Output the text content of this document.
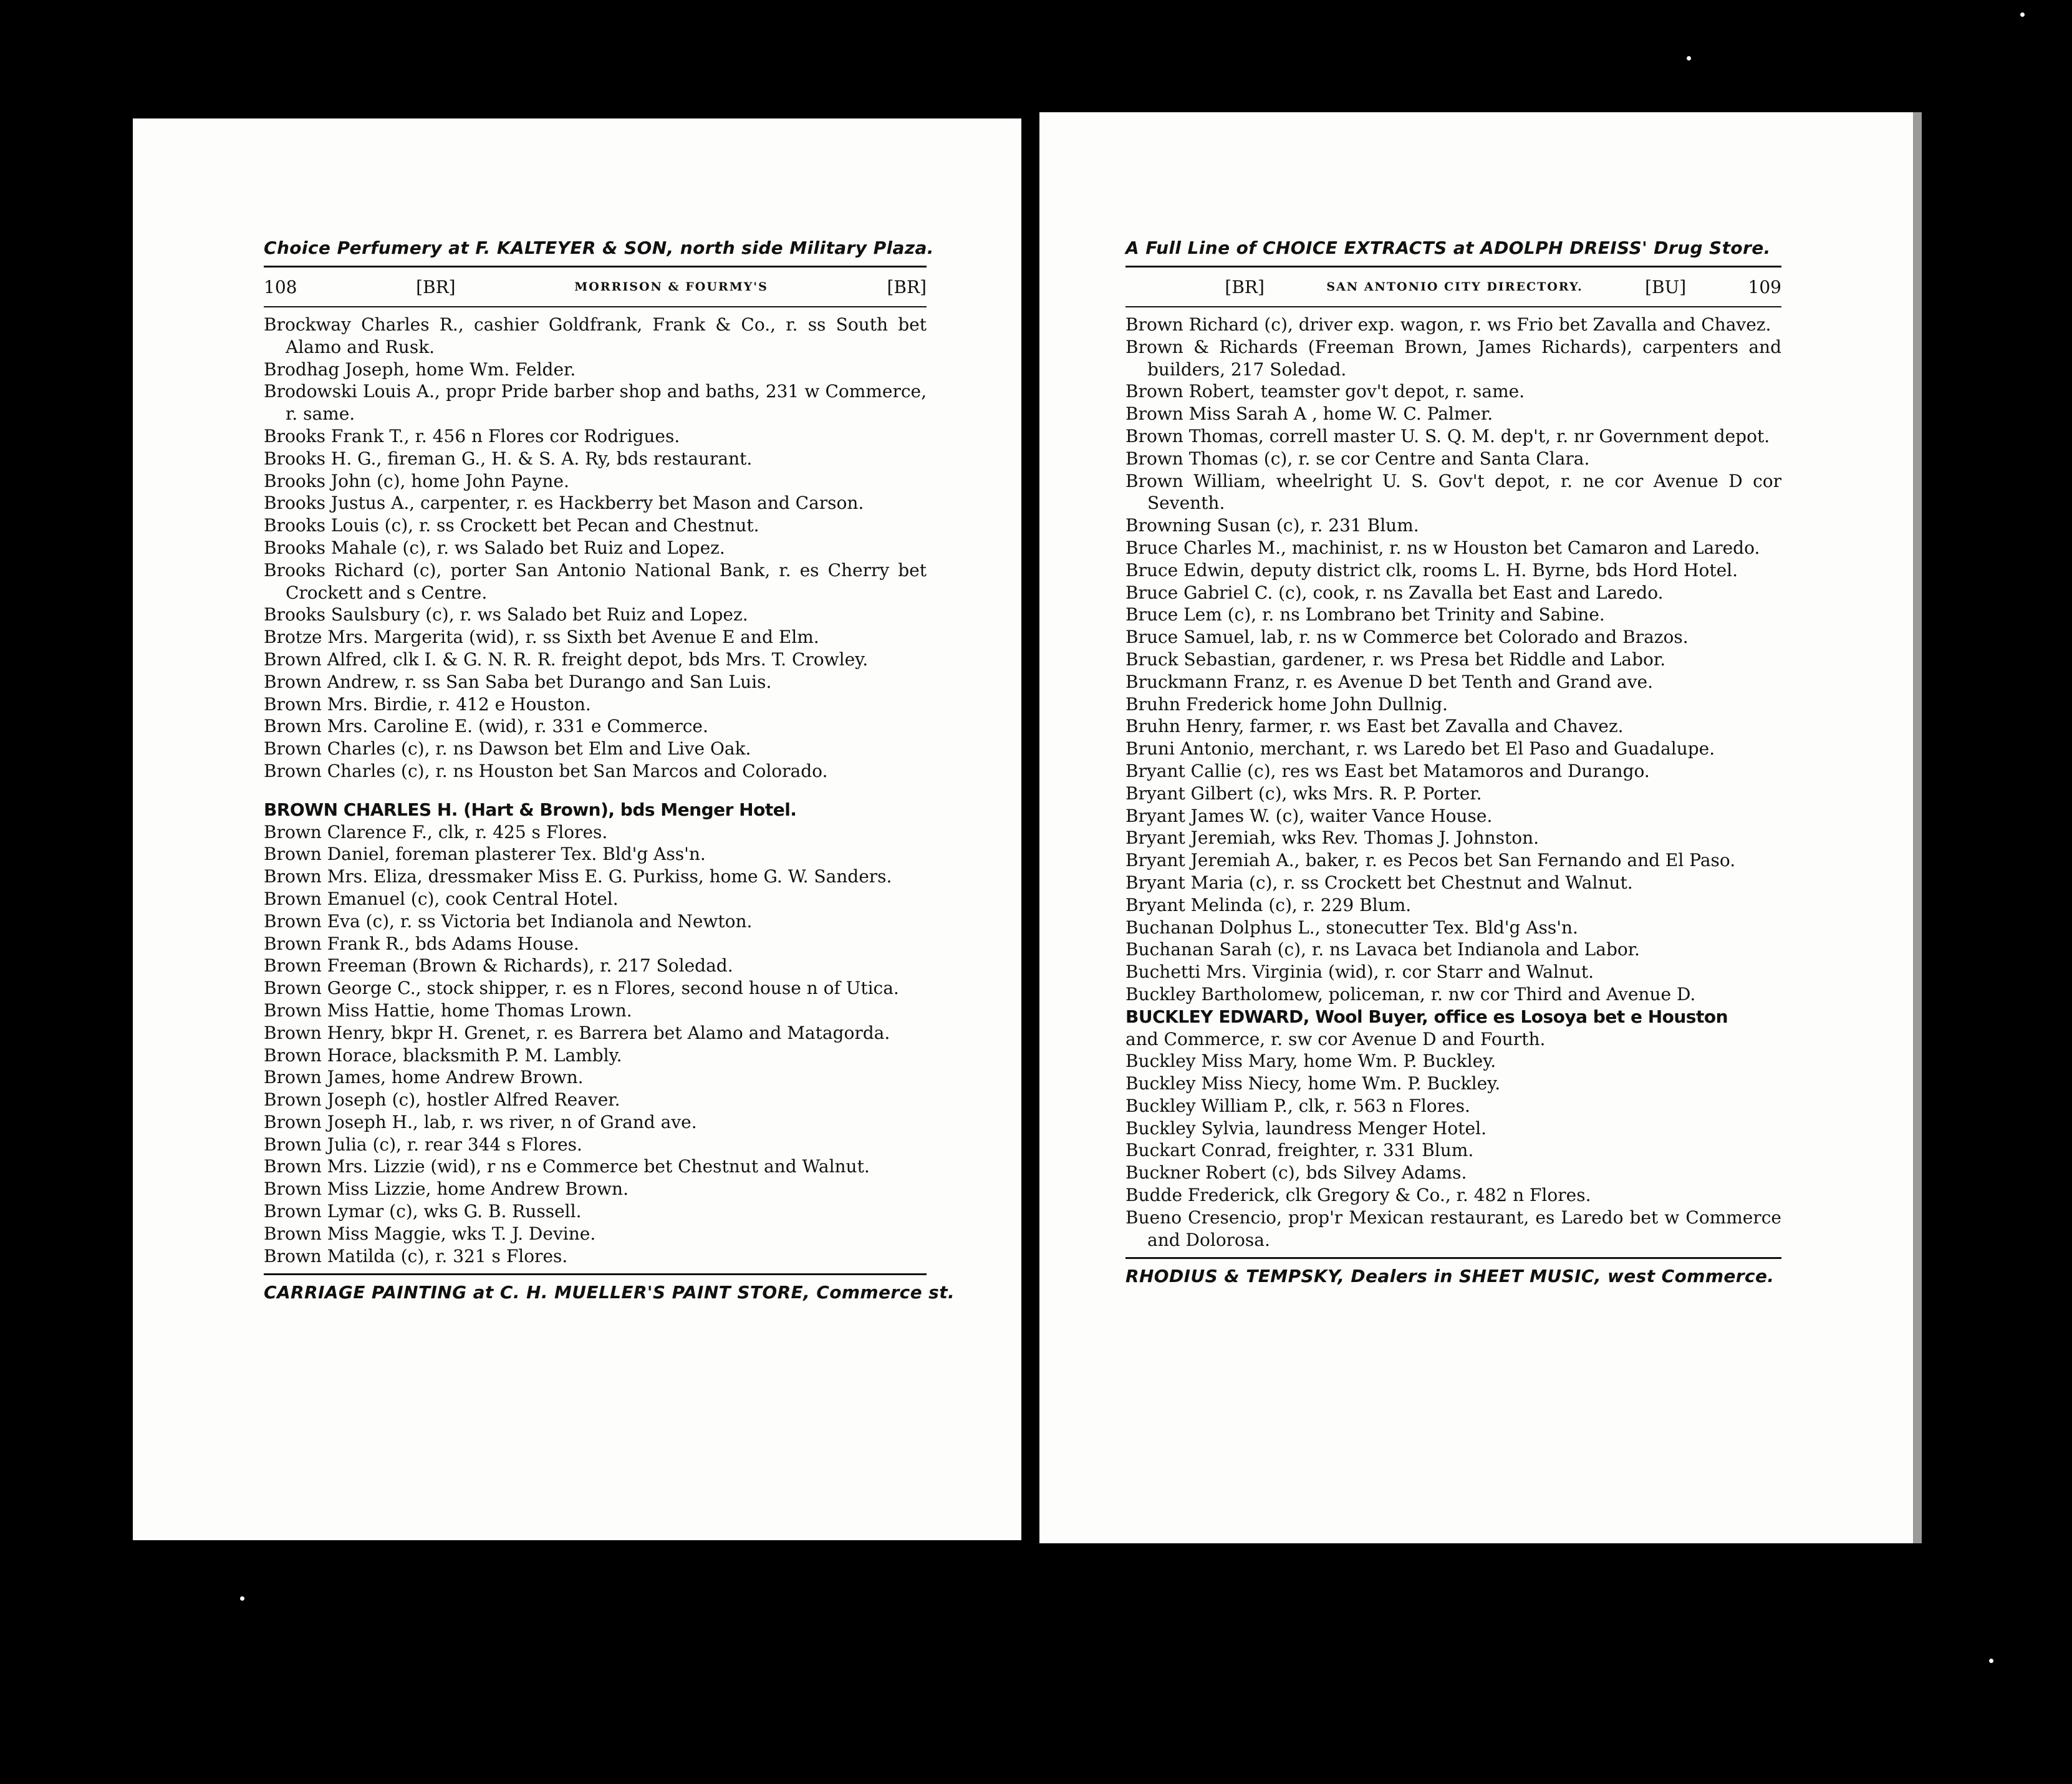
Choice Perfumery at F. KALTEYER & SON, north side Military Plaza.
108	[BR]	MORRISON & FOURMY'S	[BR]
Brockway Charles R., cashier Goldfrank, Frank & Co., r. ss South bet Alamo and Rusk.
Brodhag Joseph, home Wm. Felder.
Brodowski Louis A., propr Pride barber shop and baths, 231 w Commerce, r. same.
Brooks Frank T., r. 456 n Flores cor Rodrigues.
Brooks H. G., fireman G., H. & S. A. Ry, bds restaurant.
Brooks John (c), home John Payne.
Brooks Justus A., carpenter, r. es Hackberry bet Mason and Carson.
Brooks Louis (c), r. ss Crockett bet Pecan and Chestnut.
Brooks Mahale (c), r. ws Salado bet Ruiz and Lopez.
Brooks Richard (c), porter San Antonio National Bank, r. es Cherry bet Crockett and s Centre.
Brooks Saulsbury (c), r. ws Salado bet Ruiz and Lopez.
Brotze Mrs. Margerita (wid), r. ss Sixth bet Avenue E and Elm.
Brown Alfred, clk I. & G. N. R. R. freight depot, bds Mrs. T. Crowley.
Brown Andrew, r. ss San Saba bet Durango and San Luis.
Brown Mrs. Birdie, r. 412 e Houston.
Brown Mrs. Caroline E. (wid), r. 331 e Commerce.
Brown Charles (c), r. ns Dawson bet Elm and Live Oak.
Brown Charles (c), r. ns Houston bet San Marcos and Colorado.
BROWN CHARLES H. (Hart & Brown), bds Menger Hotel.
Brown Clarence F., clk, r. 425 s Flores.
Brown Daniel, foreman plasterer Tex. Bld'g Ass'n.
Brown Mrs. Eliza, dressmaker Miss E. G. Purkiss, home G. W. Sanders.
Brown Emanuel (c), cook Central Hotel.
Brown Eva (c), r. ss Victoria bet Indianola and Newton.
Brown Frank R., bds Adams House.
Brown Freeman (Brown & Richards), r. 217 Soledad.
Brown George C., stock shipper, r. es n Flores, second house n of Utica.
Brown Miss Hattie, home Thomas Lrown.
Brown Henry, bkpr H. Grenet, r. es Barrera bet Alamo and Matagorda.
Brown Horace, blacksmith P. M. Lambly.
Brown James, home Andrew Brown.
Brown Joseph (c), hostler Alfred Reaver.
Brown Joseph H., lab, r. ws river, n of Grand ave.
Brown Julia (c), r. rear 344 s Flores.
Brown Mrs. Lizzie (wid), r ns e Commerce bet Chestnut and Walnut.
Brown Miss Lizzie, home Andrew Brown.
Brown Lymar (c), wks G. B. Russell.
Brown Miss Maggie, wks T. J. Devine.
Brown Matilda (c), r. 321 s Flores.
CARRIAGE PAINTING at C. H. MUELLER'S PAINT STORE, Commerce st.
A Full Line of CHOICE EXTRACTS at ADOLPH DREISS' Drug Store.
[BR]	SAN ANTONIO CITY DIRECTORY.	[BU]	109
Brown Richard (c), driver exp. wagon, r. ws Frio bet Zavalla and Chavez.
Brown & Richards (Freeman Brown, James Richards), carpenters and builders, 217 Soledad.
Brown Robert, teamster gov't depot, r. same.
Brown Miss Sarah A , home W. C. Palmer.
Brown Thomas, correll master U. S. Q. M. dep't, r. nr Government depot.
Brown Thomas (c), r. se cor Centre and Santa Clara.
Brown William, wheelright U. S. Gov't depot, r. ne cor Avenue D cor Seventh.
Browning Susan (c), r. 231 Blum.
Bruce Charles M., machinist, r. ns w Houston bet Camaron and Laredo.
Bruce Edwin, deputy district clk, rooms L. H. Byrne, bds Hord Hotel.
Bruce Gabriel C. (c), cook, r. ns Zavalla bet East and Laredo.
Bruce Lem (c), r. ns Lombrano bet Trinity and Sabine.
Bruce Samuel, lab, r. ns w Commerce bet Colorado and Brazos.
Bruck Sebastian, gardener, r. ws Presa bet Riddle and Labor.
Bruckmann Franz, r. es Avenue D bet Tenth and Grand ave.
Bruhn Frederick home John Dullnig.
Bruhn Henry, farmer, r. ws East bet Zavalla and Chavez.
Bruni Antonio, merchant, r. ws Laredo bet El Paso and Guadalupe.
Bryant Callie (c), res ws East bet Matamoros and Durango.
Bryant Gilbert (c), wks Mrs. R. P. Porter.
Bryant James W. (c), waiter Vance House.
Bryant Jeremiah, wks Rev. Thomas J. Johnston.
Bryant Jeremiah A., baker, r. es Pecos bet San Fernando and El Paso.
Bryant Maria (c), r. ss Crockett bet Chestnut and Walnut.
Bryant Melinda (c), r. 229 Blum.
Buchanan Dolphus L., stonecutter Tex. Bld'g Ass'n.
Buchanan Sarah (c), r. ns Lavaca bet Indianola and Labor.
Buchetti Mrs. Virginia (wid), r. cor Starr and Walnut.
Buckley Bartholomew, policeman, r. nw cor Third and Avenue D.
BUCKLEY EDWARD, Wool Buyer, office es Losoya bet e Houston
and Commerce, r. sw cor Avenue D and Fourth.
Buckley Miss Mary, home Wm. P. Buckley.
Buckley Miss Niecy, home Wm. P. Buckley.
Buckley William P., clk, r. 563 n Flores.
Buckley Sylvia, laundress Menger Hotel.
Buckart Conrad, freighter, r. 331 Blum.
Buckner Robert (c), bds Silvey Adams.
Budde Frederick, clk Gregory & Co., r. 482 n Flores.
Bueno Cresencio, prop'r Mexican restaurant, es Laredo bet w Commerce and Dolorosa.
RHODIUS & TEMPSKY, Dealers in SHEET MUSIC, west Commerce.
